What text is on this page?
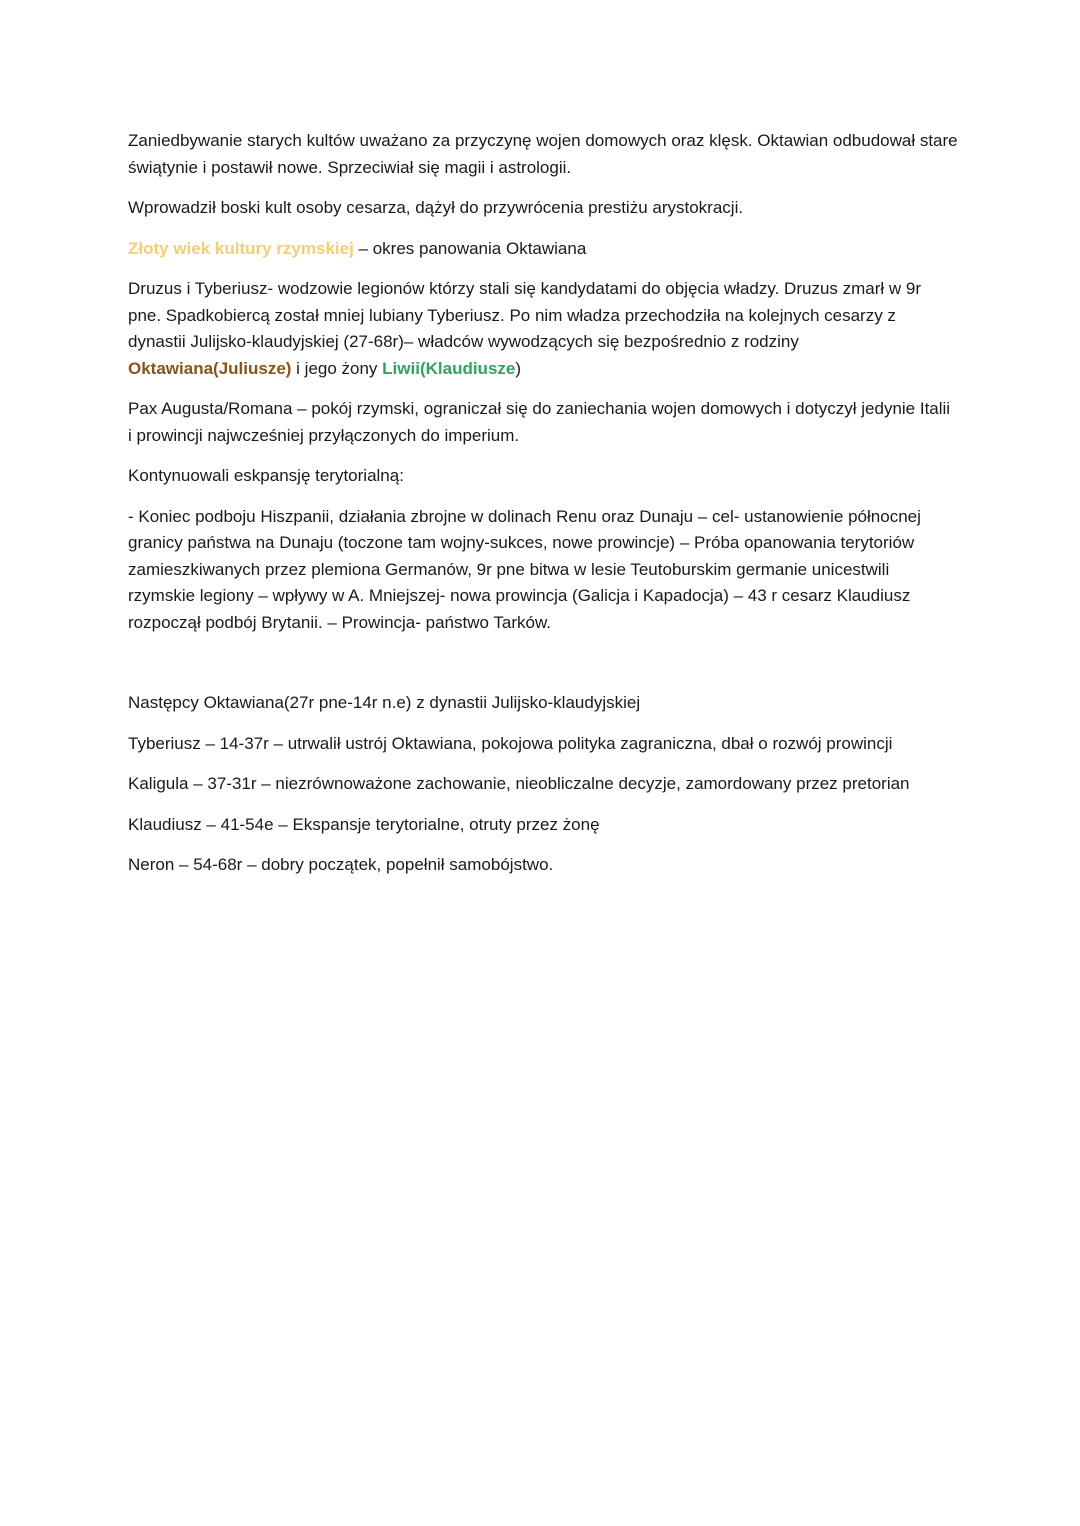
Zaniedbywanie starych kultów uważano za przyczynę wojen domowych oraz klęsk. Oktawian odbudował stare świątynie i postawił nowe. Sprzeciwiał się magii i astrologii.

Wprowadził boski kult osoby cesarza, dążył do przywrócenia prestiżu arystokracji.

Złoty wiek kultury rzymskiej – okres panowania Oktawiana

Druzus i Tyberiusz- wodzowie legionów którzy stali się kandydatami do objęcia władzy. Druzus zmarł w 9r pne. Spadkobiercą został mniej lubiany Tyberiusz. Po nim władza przechodziła na kolejnych cesarzy z dynastii Julijsko-klaudyjskiej (27-68r)– władców wywodzących się bezpośrednio z rodziny Oktawiana(Juliusze) i jego żony Liwii(Klaudiusze)

Pax Augusta/Romana – pokój rzymski, ograniczał się do zaniechania wojen domowych i dotyczył jedynie Italii i prowincji najwcześniej przyłączonych do imperium.

Kontynuowali eskpansję terytorialną:

- Koniec podboju Hiszpanii, działania zbrojne w dolinach Renu oraz Dunaju – cel- ustanowienie północnej granicy państwa na Dunaju (toczone tam wojny-sukces, nowe prowincje) – Próba opanowania terytoriów zamieszkiwanych przez plemiona Germanów, 9r pne bitwa w lesie Teutoburskim germanie unicestwili rzymskie legiony – wpływy w A. Mniejszej- nowa prowincja (Galicja i Kapadocja) – 43 r cesarz Klaudiusz rozpoczął podbój Brytanii. – Prowincja- państwo Tarków.

Następcy Oktawiana(27r pne-14r n.e) z dynastii Julijsko-klaudyjskiej

Tyberiusz – 14-37r – utrwalił ustrój Oktawiana, pokojowa polityka zagraniczna, dbał o rozwój prowincji

Kaligula – 37-31r – niezrównoważone zachowanie, nieobliczalne decyzje, zamordowany przez pretorian

Klaudiusz – 41-54e – Ekspansje terytorialne, otruty przez żonę

Neron – 54-68r – dobry początek, popełnił samobójstwo.
